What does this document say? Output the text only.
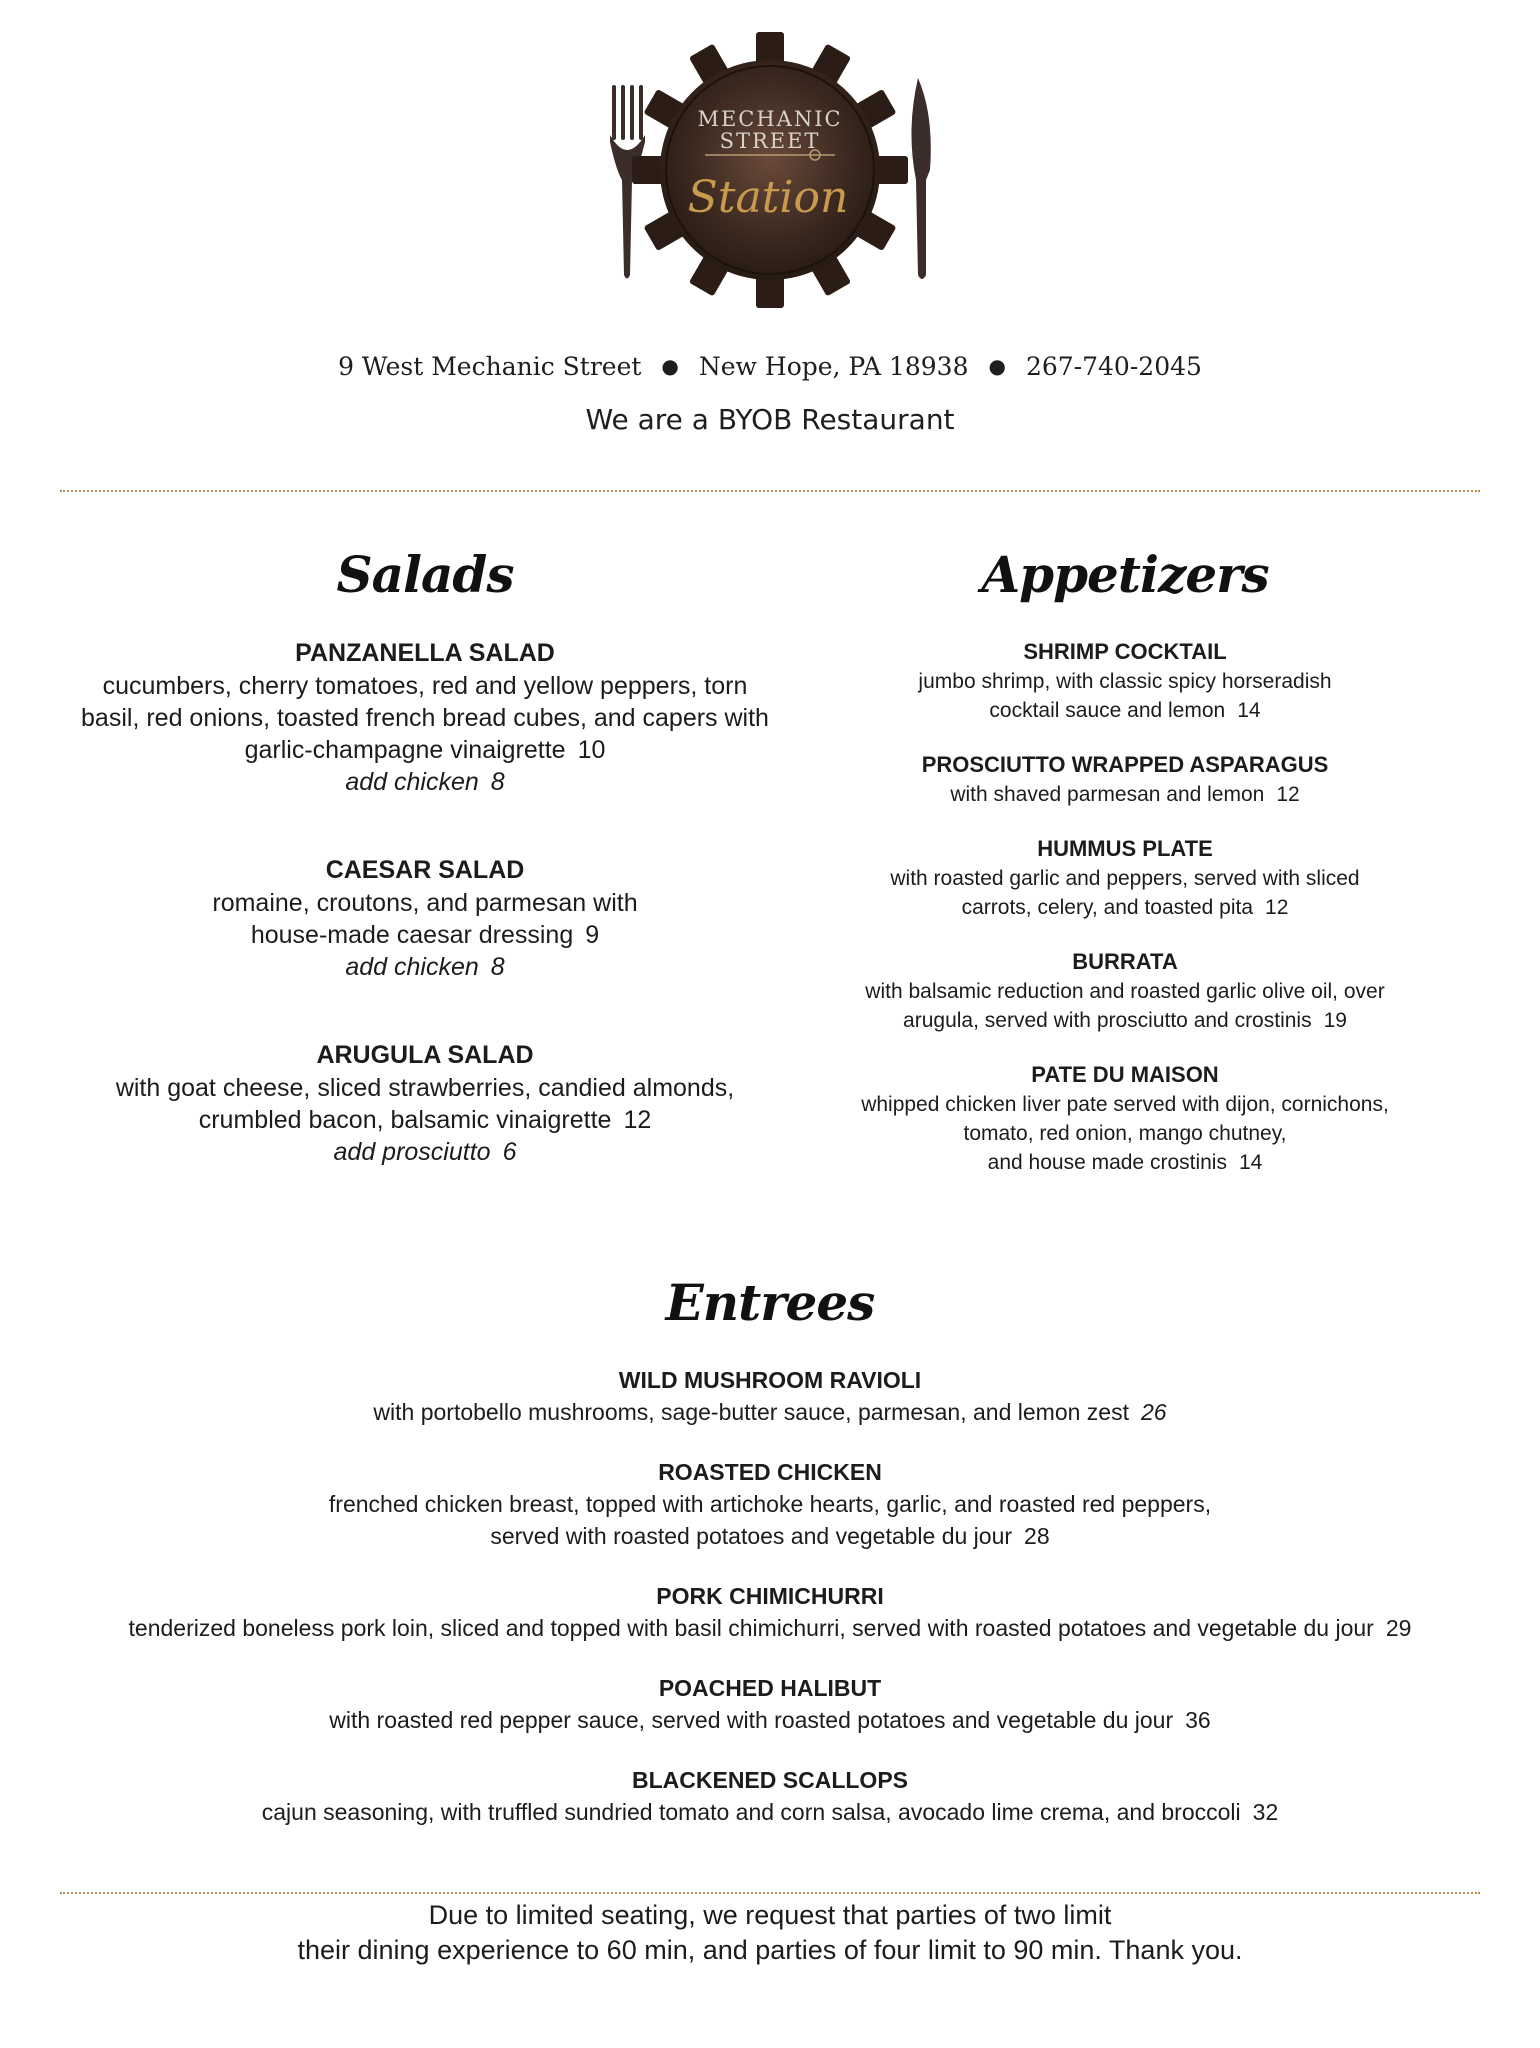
MECHANIC
STREET
Station
9 West Mechanic Street ● New Hope, PA 18938 ● 267-740-2045
We are a BYOB Restaurant
Salads	Appetizers
PANZANELLA SALAD
cucumbers, cherry tomatoes, red and yellow peppers, torn
basil, red onions, toasted french bread cubes, and capers with
garlic-champagne vinaigrette 10
add chicken 8
CAESAR SALAD
romaine, croutons, and parmesan with
house-made caesar dressing 9
add chicken 8
ARUGULA SALAD
with goat cheese, sliced strawberries, candied almonds,
crumbled bacon, balsamic vinaigrette 12
add prosciutto 6
SHRIMP COCKTAIL
jumbo shrimp, with classic spicy horseradish
cocktail sauce and lemon 14
PROSCIUTTO WRAPPED ASPARAGUS
with shaved parmesan and lemon 12
HUMMUS PLATE
with roasted garlic and peppers, served with sliced
carrots, celery, and toasted pita 12
BURRATA
with balsamic reduction and roasted garlic olive oil, over
arugula, served with prosciutto and crostinis 19
PATE DU MAISON
whipped chicken liver pate served with dijon, cornichons,
tomato, red onion, mango chutney,
and house made crostinis 14
Entrees
WILD MUSHROOM RAVIOLI
with portobello mushrooms, sage-butter sauce, parmesan, and lemon zest 26
ROASTED CHICKEN
frenched chicken breast, topped with artichoke hearts, garlic, and roasted red peppers,
served with roasted potatoes and vegetable du jour 28
PORK CHIMICHURRI
tenderized boneless pork loin, sliced and topped with basil chimichurri, served with roasted potatoes and vegetable du jour 29
POACHED HALIBUT
with roasted red pepper sauce, served with roasted potatoes and vegetable du jour 36
BLACKENED SCALLOPS
cajun seasoning, with truffled sundried tomato and corn salsa, avocado lime crema, and broccoli 32
Due to limited seating, we request that parties of two limit
their dining experience to 60 min, and parties of four limit to 90 min. Thank you.
